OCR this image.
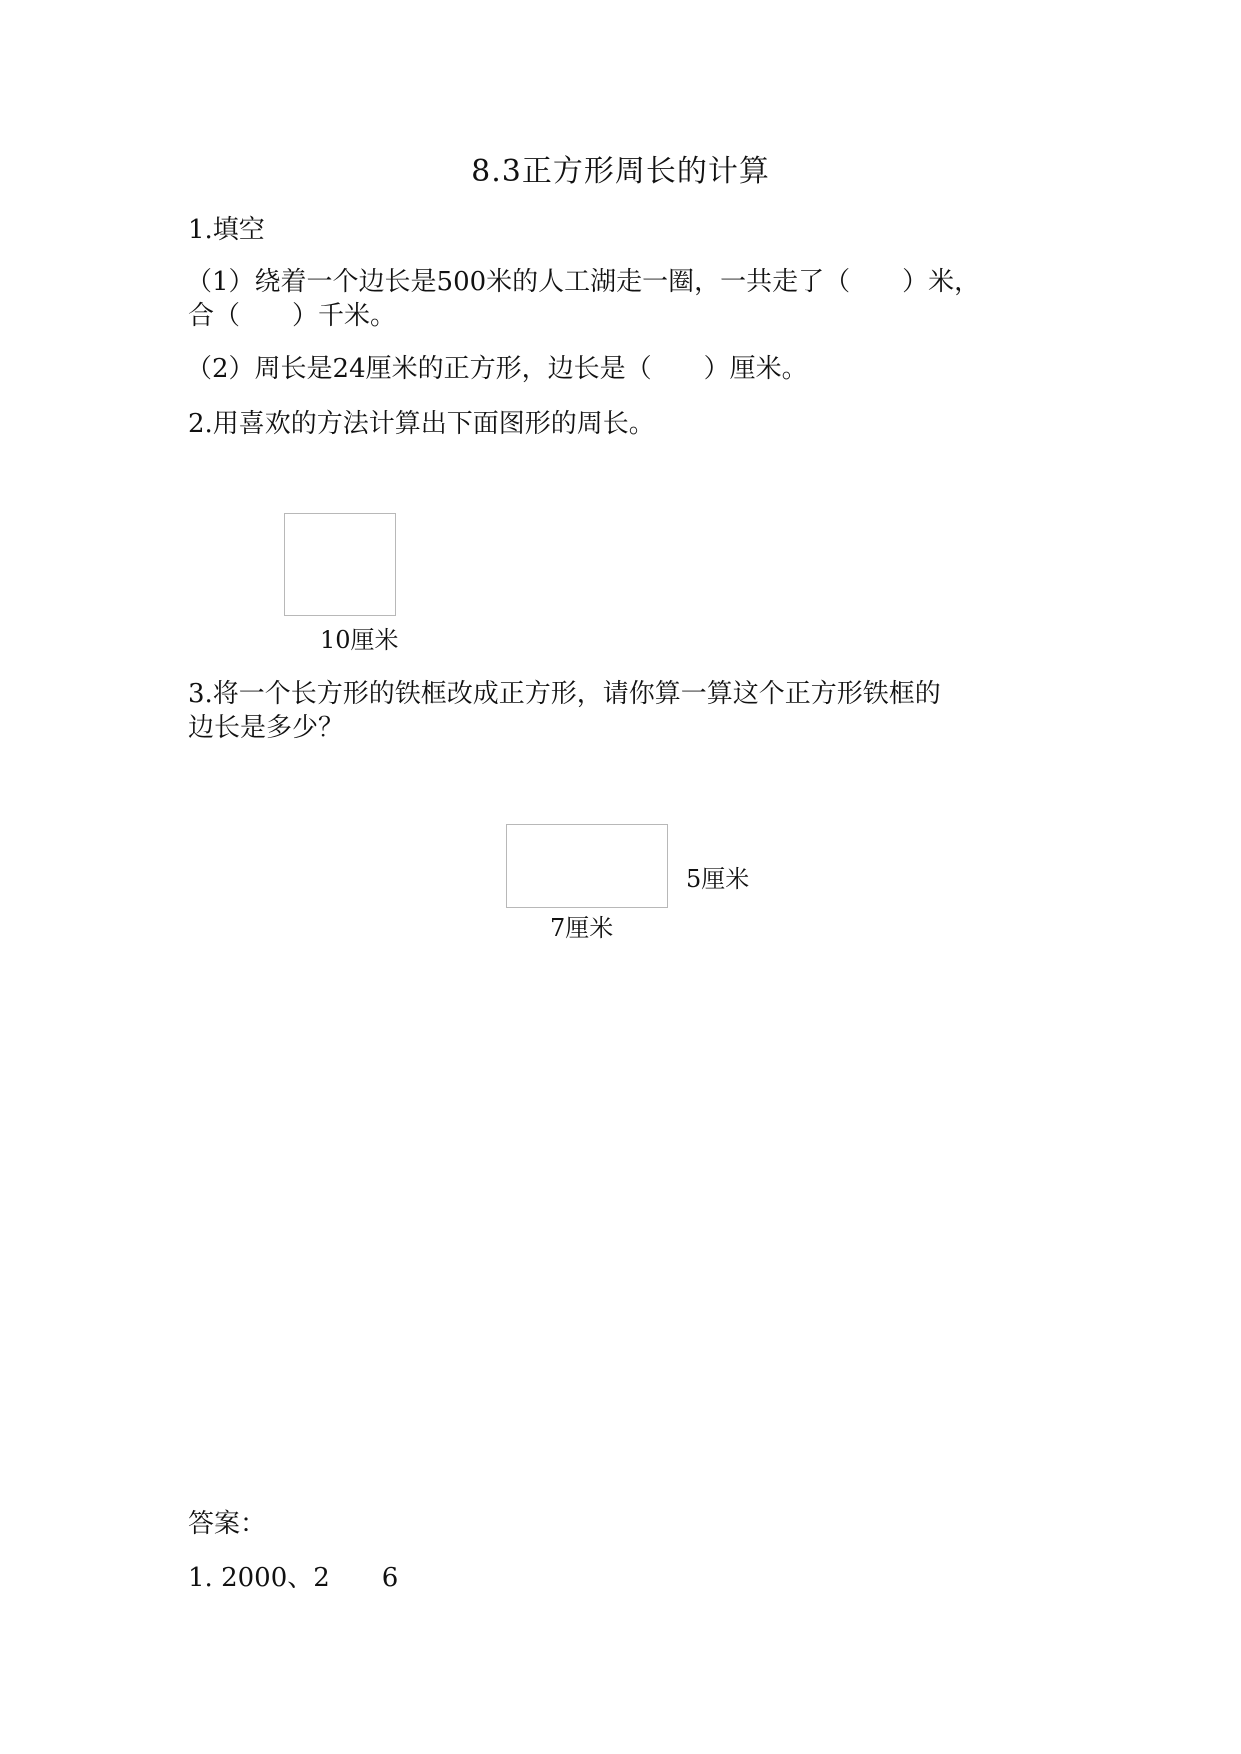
8.3正方形周长的计算
1.填空
（1）绕着一个边长是500米的人工湖走一圈，一共走了（　　）米，
合（　　）千米。
（2）周长是24厘米的正方形，边长是（　　）厘米。
2.用喜欢的方法计算出下面图形的周长。
10厘米
3.将一个长方形的铁框改成正方形，请你算一算这个正方形铁框的
边长是多少？
5厘米
7厘米
答案：
1. 2000、2　　6
